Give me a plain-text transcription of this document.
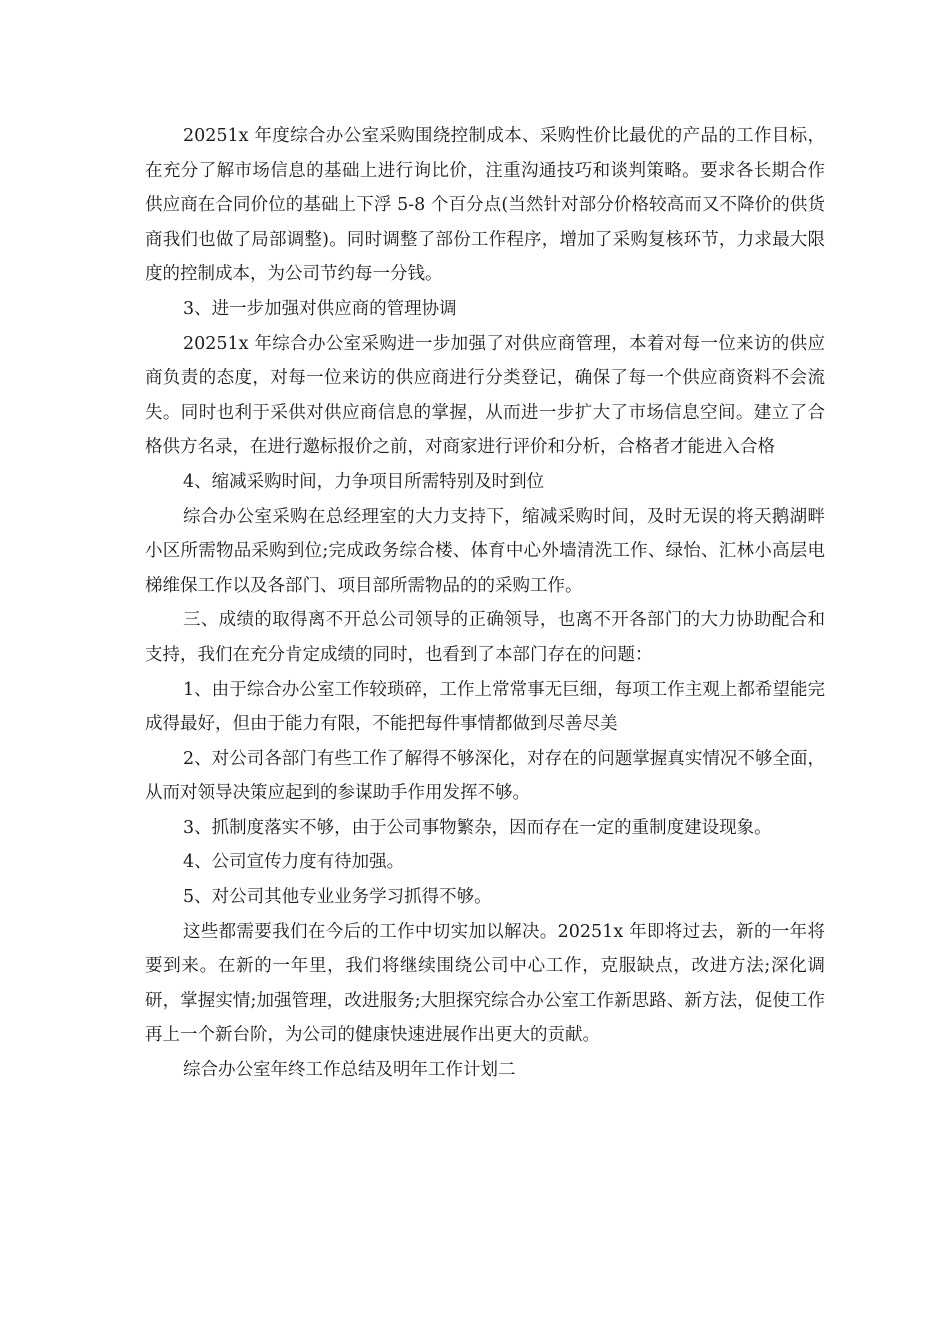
20251x 年度综合办公室采购围绕控制成本、采购性价比最优的产品的工作目标，在充分了解市场信息的基础上进行询比价，注重沟通技巧和谈判策略。要求各长期合作供应商在合同价位的基础上下浮 5-8 个百分点(当然针对部分价格较高而又不降价的供货商我们也做了局部调整)。同时调整了部份工作程序，增加了采购复核环节，力求最大限度的控制成本，为公司节约每一分钱。

3、进一步加强对供应商的管理协调

20251x 年综合办公室采购进一步加强了对供应商管理，本着对每一位来访的供应商负责的态度，对每一位来访的供应商进行分类登记，确保了每一个供应商资料不会流失。同时也利于采供对供应商信息的掌握，从而进一步扩大了市场信息空间。建立了合格供方名录，在进行邀标报价之前，对商家进行评价和分析，合格者才能进入合格

4、缩减采购时间，力争项目所需特别及时到位

综合办公室采购在总经理室的大力支持下，缩减采购时间，及时无误的将天鹅湖畔小区所需物品采购到位;完成政务综合楼、体育中心外墙清洗工作、绿怡、汇林小高层电梯维保工作以及各部门、项目部所需物品的的采购工作。

三、成绩的取得离不开总公司领导的正确领导，也离不开各部门的大力协助配合和支持，我们在充分肯定成绩的同时，也看到了本部门存在的问题：

1、由于综合办公室工作较琐碎，工作上常常事无巨细，每项工作主观上都希望能完成得最好，但由于能力有限，不能把每件事情都做到尽善尽美

2、对公司各部门有些工作了解得不够深化，对存在的问题掌握真实情况不够全面，从而对领导决策应起到的参谋助手作用发挥不够。

3、抓制度落实不够，由于公司事物繁杂，因而存在一定的重制度建设现象。

4、公司宣传力度有待加强。

5、对公司其他专业业务学习抓得不够。

这些都需要我们在今后的工作中切实加以解决。20251x 年即将过去，新的一年将要到来。在新的一年里，我们将继续围绕公司中心工作，克服缺点，改进方法;深化调研，掌握实情;加强管理，改进服务;大胆探究综合办公室工作新思路、新方法，促使工作再上一个新台阶，为公司的健康快速进展作出更大的贡献。

综合办公室年终工作总结及明年工作计划二
